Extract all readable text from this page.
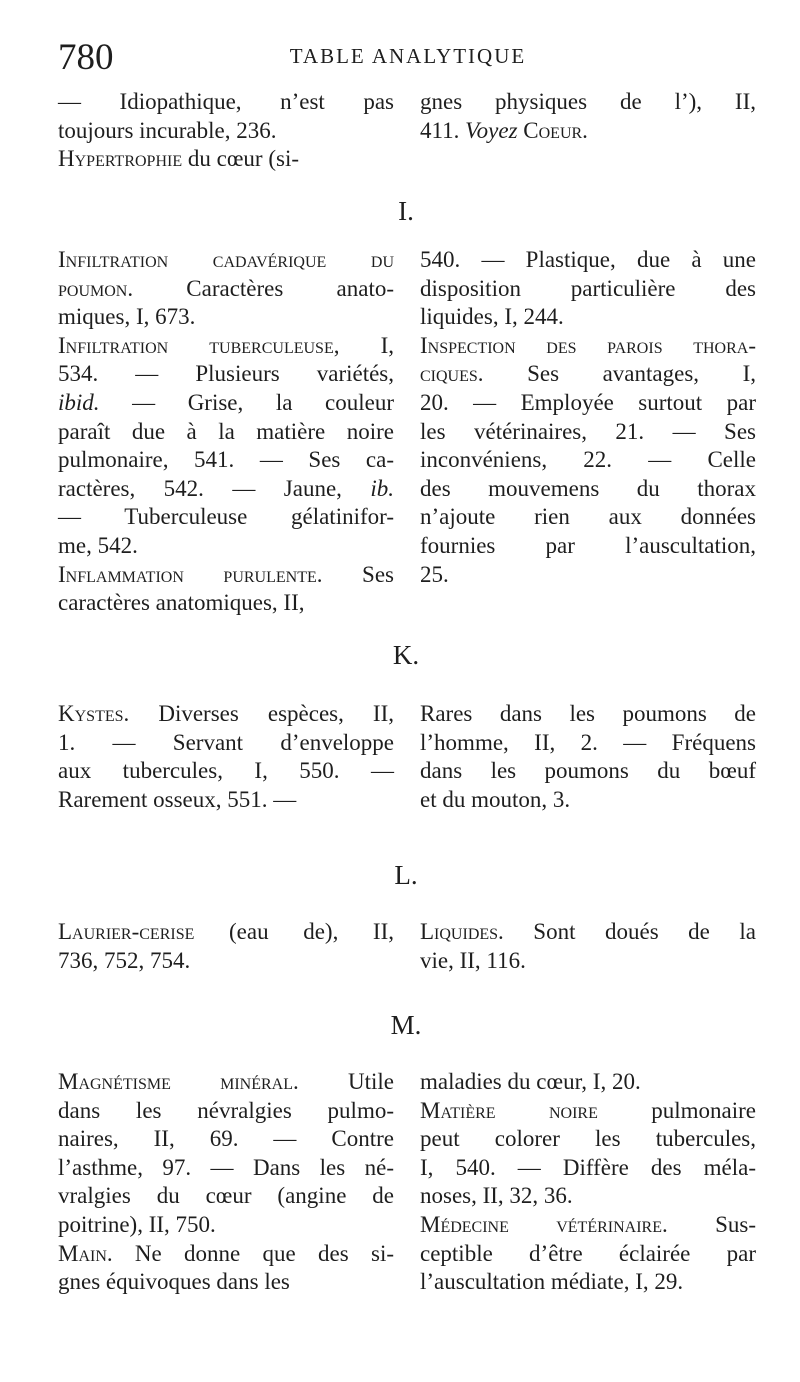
780	TABLE ANALYTIQUE
— Idiopathique, n’est pas
toujours incurable, 236.
Hypertrophie du cœur (si-
gnes physiques de l’), II,
411. Voyez Coeur.
I.
Infiltration cadavérique du
poumon. Caractères anato-
miques, I, 673.
Infiltration tuberculeuse, I,
534. — Plusieurs variétés,
ibid. — Grise, la couleur
paraît due à la matière noire
pulmonaire, 541. — Ses ca-
ractères, 542. — Jaune, ib.
— Tuberculeuse gélatinifor-
me, 542.
Inflammation purulente. Ses
caractères anatomiques, II,
540. — Plastique, due à une
disposition particulière des
liquides, I, 244.
Inspection des parois thora-
ciques. Ses avantages, I,
20. — Employée surtout par
les vétérinaires, 21. — Ses
inconvéniens, 22. — Celle
des mouvemens du thorax
n’ajoute rien aux données
fournies par l’auscultation,
25.
K.
Kystes. Diverses espèces, II,
1. — Servant d’enveloppe
aux tubercules, I, 550. —
Rarement osseux, 551. —
Rares dans les poumons de
l’homme, II, 2. — Fréquens
dans les poumons du bœuf
et du mouton, 3.
L.
Laurier-cerise (eau de), II,
736, 752, 754.
Liquides. Sont doués de la
vie, II, 116.
M.
Magnétisme minéral. Utile
dans les névralgies pulmo-
naires, II, 69. — Contre
l’asthme, 97. — Dans les né-
vralgies du cœur (angine de
poitrine), II, 750.
Main. Ne donne que des si-
gnes équivoques dans les
maladies du cœur, I, 20.
Matière noire pulmonaire
peut colorer les tubercules,
I, 540. — Diffère des méla-
noses, II, 32, 36.
Médecine vétérinaire. Sus-
ceptible d’être éclairée par
l’auscultation médiate, I, 29.
